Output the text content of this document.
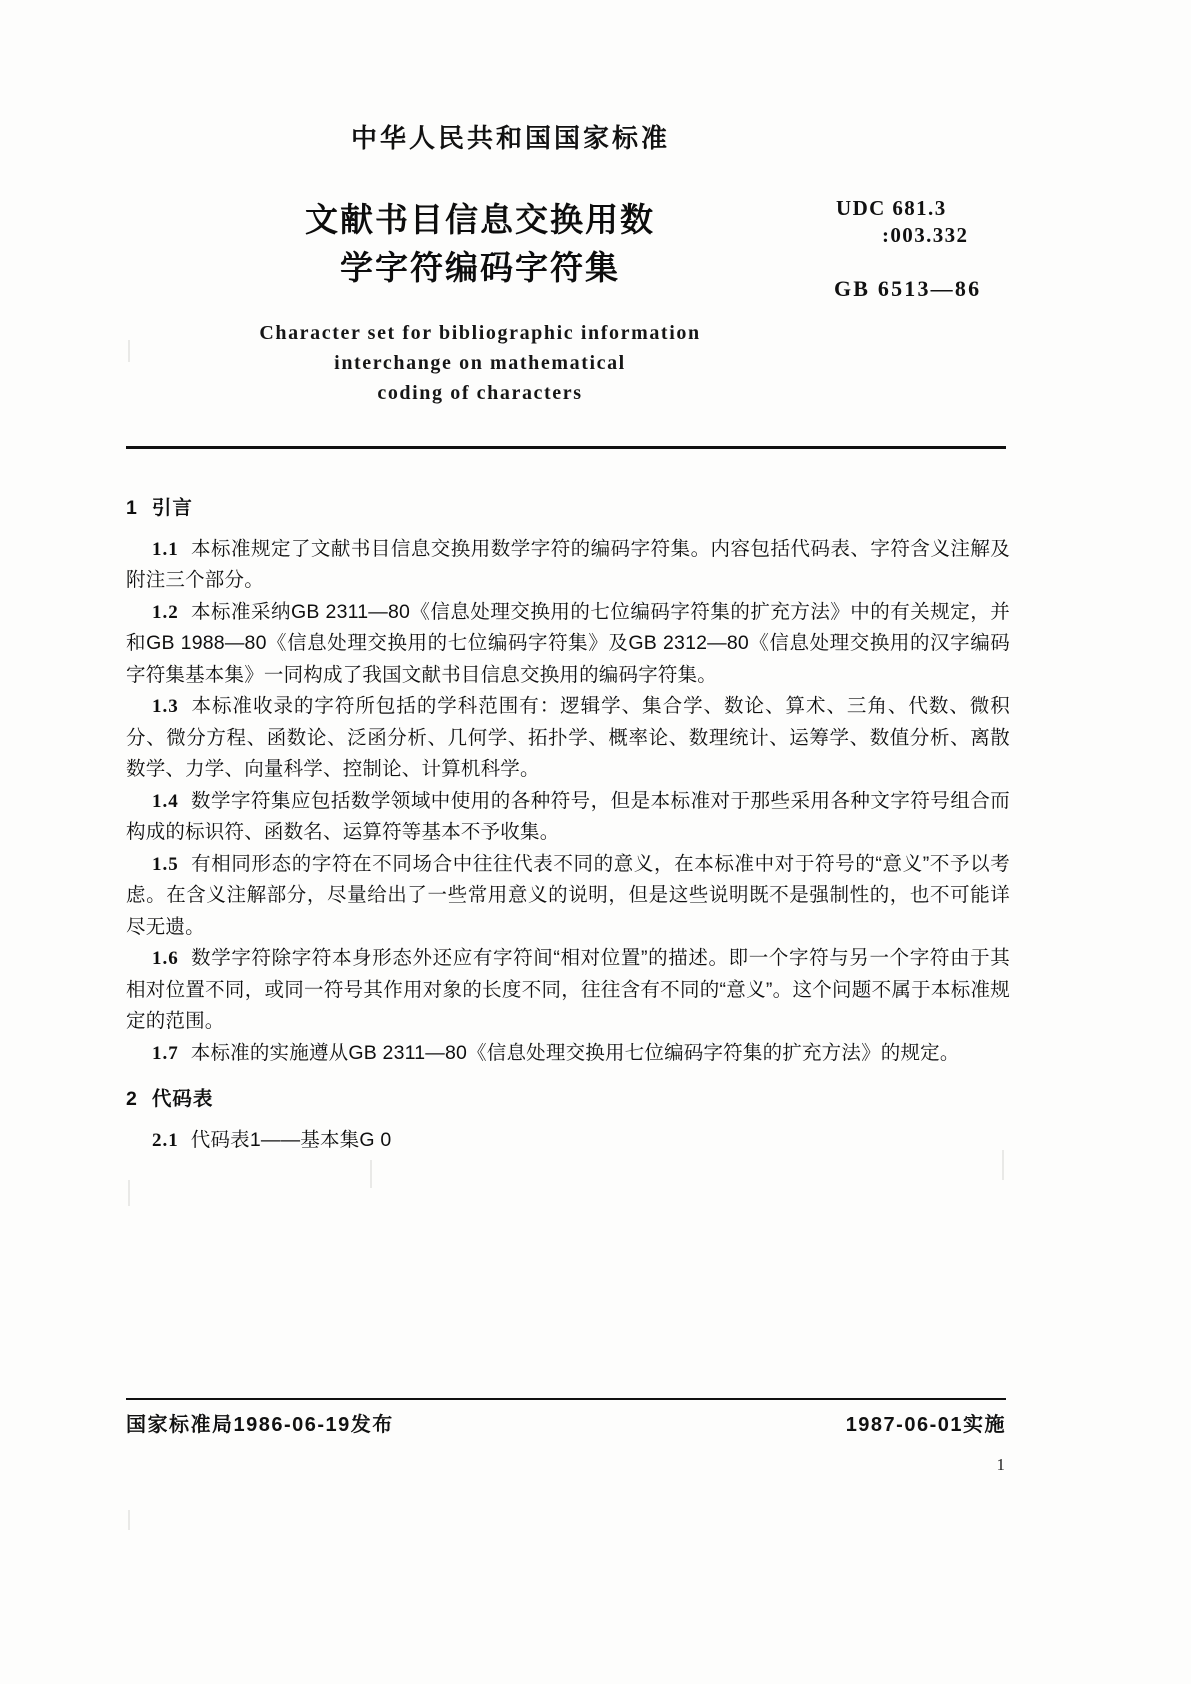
中华人民共和国国家标准
文献书目信息交换用数
学字符编码字符集
UDC 681.3
:003.332
GB 6513—86
Character set for bibliographic information
interchange on mathematical
coding of characters
1 引言

1.1 本标准规定了文献书目信息交换用数学字符的编码字符集。内容包括代码表、字符含义注解及附注三个部分。

1.2 本标准采纳GB 2311—80《信息处理交换用的七位编码字符集的扩充方法》中的有关规定，并和GB 1988—80《信息处理交换用的七位编码字符集》及GB 2312—80《信息处理交换用的汉字编码字符集基本集》一同构成了我国文献书目信息交换用的编码字符集。

1.3 本标准收录的字符所包括的学科范围有：逻辑学、集合学、数论、算术、三角、代数、微积分、微分方程、函数论、泛函分析、几何学、拓扑学、概率论、数理统计、运筹学、数值分析、离散数学、力学、向量科学、控制论、计算机科学。

1.4 数学字符集应包括数学领域中使用的各种符号，但是本标准对于那些采用各种文字符号组合而构成的标识符、函数名、运算符等基本不予收集。

1.5 有相同形态的字符在不同场合中往往代表不同的意义，在本标准中对于符号的“意义”不予以考虑。在含义注解部分，尽量给出了一些常用意义的说明，但是这些说明既不是强制性的，也不可能详尽无遗。

1.6 数学字符除字符本身形态外还应有字符间“相对位置”的描述。即一个字符与另一个字符由于其相对位置不同，或同一符号其作用对象的长度不同，往往含有不同的“意义”。这个问题不属于本标准规定的范围。

1.7 本标准的实施遵从GB 2311—80《信息处理交换用七位编码字符集的扩充方法》的规定。

2 代码表

2.1 代码表1——基本集G 0

国家标准局1986-06-19发布	1987-06-01实施
1
